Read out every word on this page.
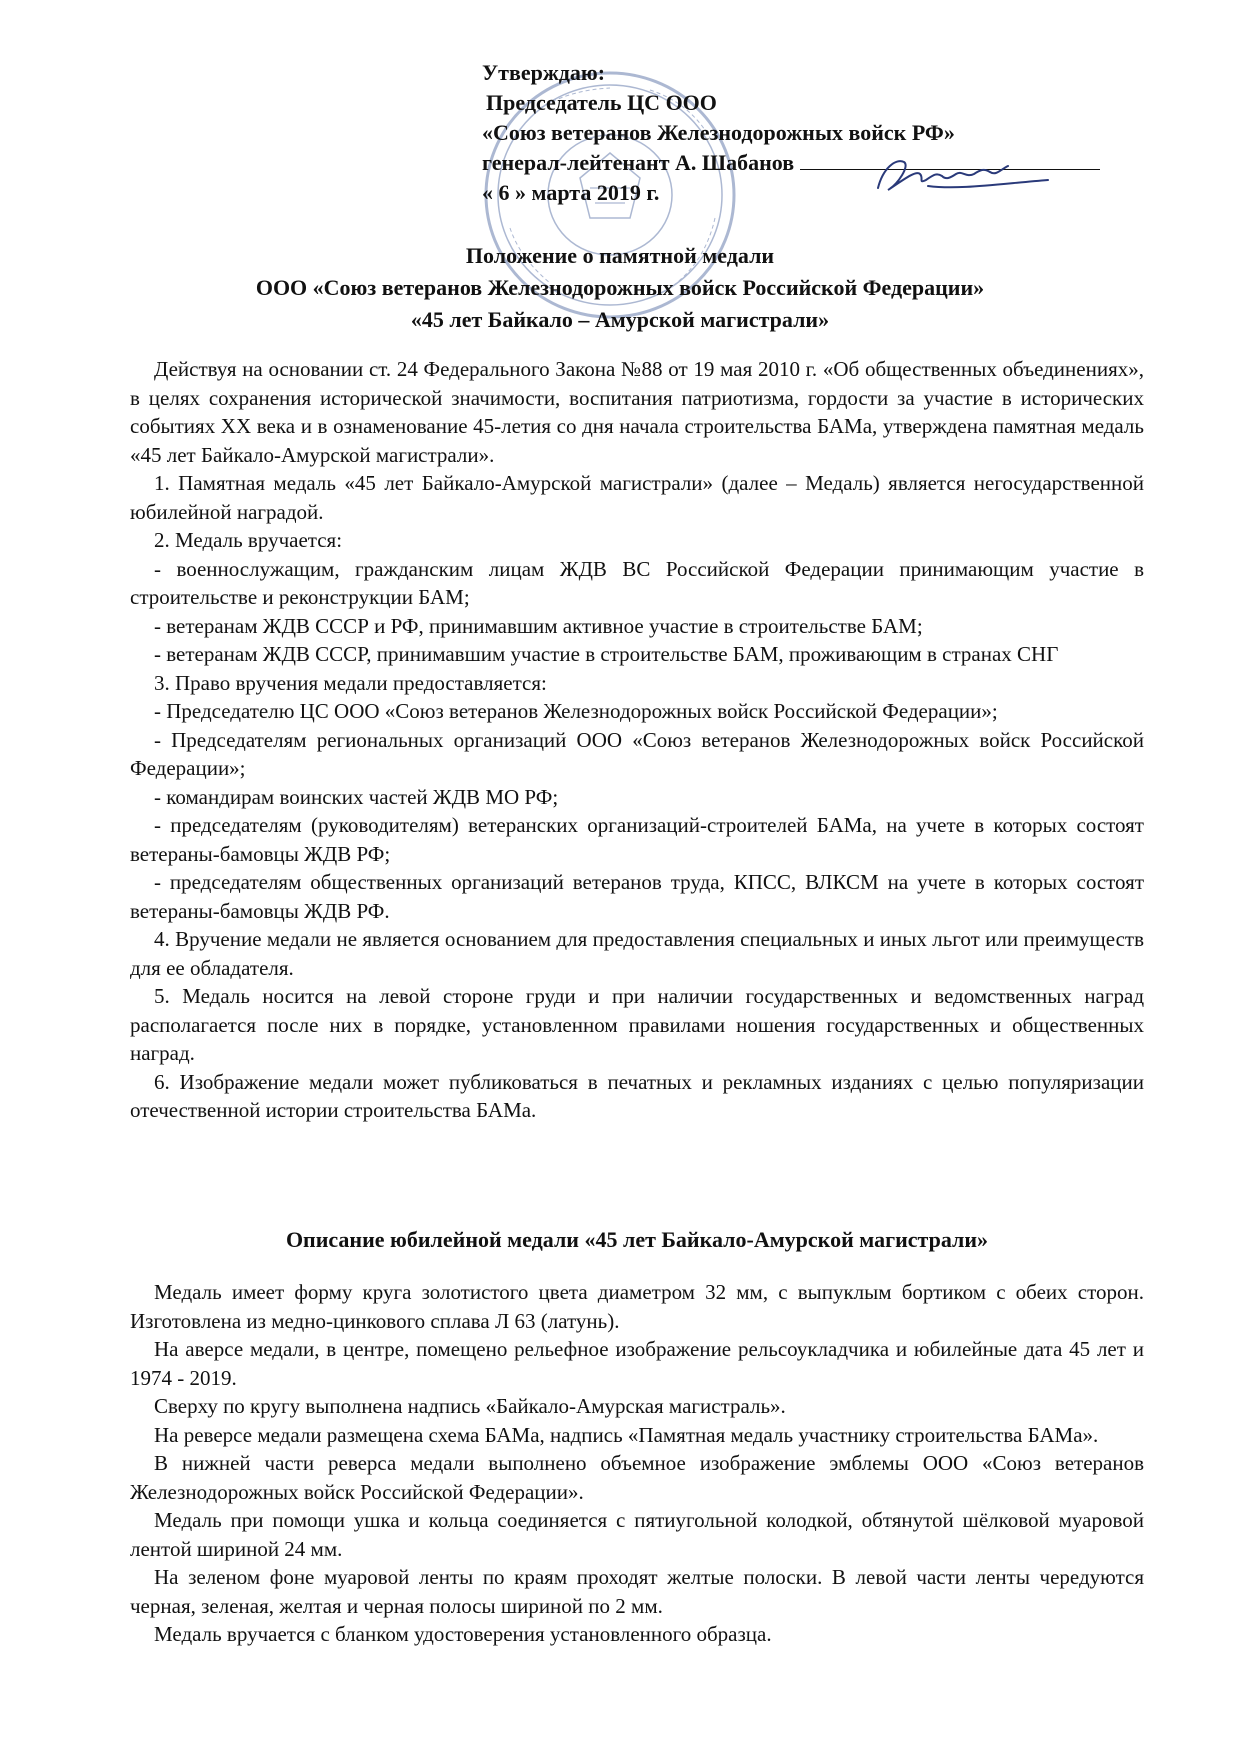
Утверждаю:
Председатель ЦС ООО
«Союз ветеранов Железнодорожных войск РФ»
генерал-лейтенант А. Шабанов
« 6 » марта 2019 г.
Положение о памятной медали
ООО «Союз ветеранов Железнодорожных войск Российской Федерации»
«45 лет Байкало – Амурской магистрали»

Действуя на основании ст. 24 Федерального Закона №88 от 19 мая 2010 г. «Об общественных объединениях», в целях сохранения исторической значимости, воспитания патриотизма, гордости за участие в исторических событиях XX века и в ознаменование 45-летия со дня начала строительства БАМа, утверждена памятная медаль «45 лет Байкало-Амурской магистрали».

1. Памятная медаль «45 лет Байкало-Амурской магистрали» (далее – Медаль) является негосударственной юбилейной наградой.

2. Медаль вручается:

- военнослужащим, гражданским лицам ЖДВ ВС Российской Федерации принимающим участие в строительстве и реконструкции БАМ;

- ветеранам ЖДВ СССР и РФ, принимавшим активное участие в строительстве БАМ;

- ветеранам ЖДВ СССР, принимавшим участие в строительстве БАМ, проживающим в странах СНГ

3. Право вручения медали предоставляется:

- Председателю ЦС ООО «Союз ветеранов Железнодорожных войск Российской Федерации»;

- Председателям региональных организаций ООО «Союз ветеранов Железнодорожных войск Российской Федерации»;

- командирам воинских частей ЖДВ МО РФ;

- председателям (руководителям) ветеранских организаций-строителей БАМа, на учете в которых состоят ветераны-бамовцы ЖДВ РФ;

- председателям общественных организаций ветеранов труда, КПСС, ВЛКСМ на учете в которых состоят ветераны-бамовцы ЖДВ РФ.

4. Вручение медали не является основанием для предоставления специальных и иных льгот или преимуществ для ее обладателя.

5. Медаль носится на левой стороне груди и при наличии государственных и ведомственных наград располагается после них в порядке, установленном правилами ношения государственных и общественных наград.

6. Изображение медали может публиковаться в печатных и рекламных изданиях с целью популяризации отечественной истории строительства БАМа.

Описание юбилейной медали «45 лет Байкало-Амурской магистрали»

Медаль имеет форму круга золотистого цвета диаметром 32 мм, с выпуклым бортиком с обеих сторон. Изготовлена из медно-цинкового сплава Л 63 (латунь).

На аверсе медали, в центре, помещено рельефное изображение рельсоукладчика и юбилейные дата 45 лет и 1974 - 2019.

Сверху по кругу выполнена надпись «Байкало-Амурская магистраль».

На реверсе медали размещена схема БАМа, надпись «Памятная медаль участнику строительства БАМа».

В нижней части реверса медали выполнено объемное изображение эмблемы ООО «Союз ветеранов Железнодорожных войск Российской Федерации».

Медаль при помощи ушка и кольца соединяется с пятиугольной колодкой, обтянутой шёлковой муаровой лентой шириной 24 мм.

На зеленом фоне муаровой ленты по краям проходят желтые полоски. В левой части ленты чередуются черная, зеленая, желтая и черная полосы шириной по 2 мм.

Медаль вручается с бланком удостоверения установленного образца.
